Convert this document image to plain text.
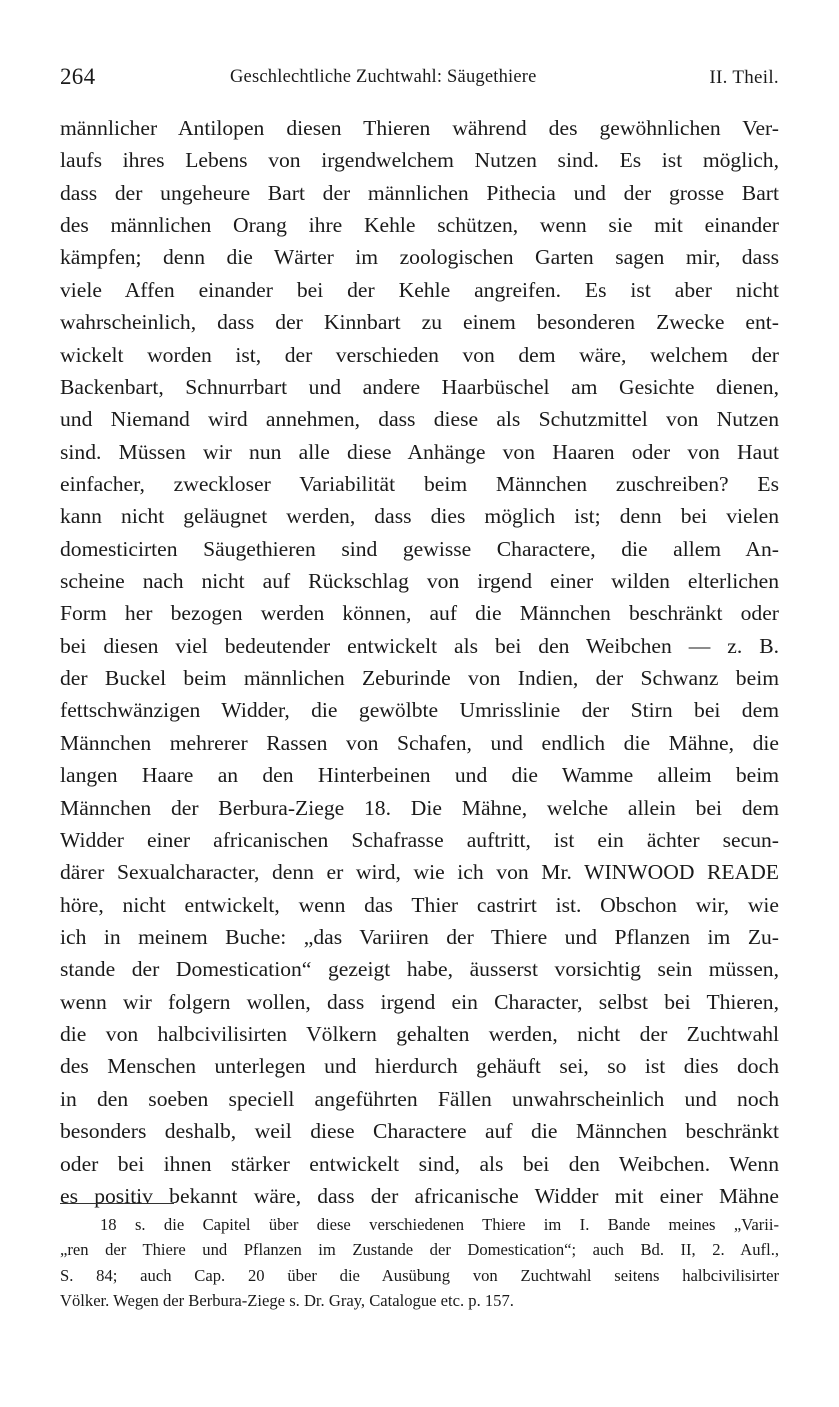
264	Geschlechtliche Zuchtwahl: Säugethiere	II. Theil.
männlicher Antilopen diesen Thieren während des gewöhnlichen Ver-
laufs ihres Lebens von irgendwelchem Nutzen sind. Es ist möglich,
dass der ungeheure Bart der männlichen Pithecia und der grosse Bart
des männlichen Orang ihre Kehle schützen, wenn sie mit einander
kämpfen; denn die Wärter im zoologischen Garten sagen mir, dass
viele Affen einander bei der Kehle angreifen. Es ist aber nicht
wahrscheinlich, dass der Kinnbart zu einem besonderen Zwecke ent-
wickelt worden ist, der verschieden von dem wäre, welchem der
Backenbart, Schnurrbart und andere Haarbüschel am Gesichte dienen,
und Niemand wird annehmen, dass diese als Schutzmittel von Nutzen
sind. Müssen wir nun alle diese Anhänge von Haaren oder von Haut
einfacher, zweckloser Variabilität beim Männchen zuschreiben? Es
kann nicht geläugnet werden, dass dies möglich ist; denn bei vielen
domesticirten Säugethieren sind gewisse Charactere, die allem An-
scheine nach nicht auf Rückschlag von irgend einer wilden elterlichen
Form her bezogen werden können, auf die Männchen beschränkt oder
bei diesen viel bedeutender entwickelt als bei den Weibchen — z. B.
der Buckel beim männlichen Zeburinde von Indien, der Schwanz beim
fettschwänzigen Widder, die gewölbte Umrisslinie der Stirn bei dem
Männchen mehrerer Rassen von Schafen, und endlich die Mähne, die
langen Haare an den Hinterbeinen und die Wamme alleim beim
Männchen der Berbura-Ziege 18. Die Mähne, welche allein bei dem
Widder einer africanischen Schafrasse auftritt, ist ein ächter secun-
därer Sexualcharacter, denn er wird, wie ich von Mr. WINWOOD READE
höre, nicht entwickelt, wenn das Thier castrirt ist. Obschon wir, wie
ich in meinem Buche: „das Variiren der Thiere und Pflanzen im Zu-
stande der Domestication“ gezeigt habe, äusserst vorsichtig sein müssen,
wenn wir folgern wollen, dass irgend ein Character, selbst bei Thieren,
die von halbcivilisirten Völkern gehalten werden, nicht der Zuchtwahl
des Menschen unterlegen und hierdurch gehäuft sei, so ist dies doch
in den soeben speciell angeführten Fällen unwahrscheinlich und noch
besonders deshalb, weil diese Charactere auf die Männchen beschränkt
oder bei ihnen stärker entwickelt sind, als bei den Weibchen. Wenn
es positiv bekannt wäre, dass der africanische Widder mit einer Mähne
18 s. die Capitel über diese verschiedenen Thiere im I. Bande meines „Varii-
„ren der Thiere und Pflanzen im Zustande der Domestication“; auch Bd. II, 2. Aufl.,
S. 84; auch Cap. 20 über die Ausübung von Zuchtwahl seitens halbcivilisirter
Völker. Wegen der Berbura-Ziege s. Dr. Gray, Catalogue etc. p. 157.
